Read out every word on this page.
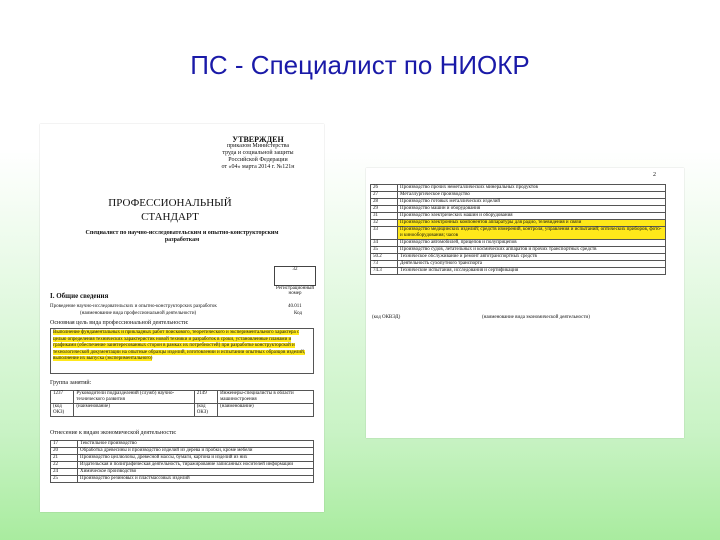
ПС - Специалист по НИОКР
УТВЕРЖДЕН
приказом Министерства
труда и социальной защиты
Российской Федерации
от «04» марта 2014 г. №121н
ПРОФЕССИОНАЛЬНЫЙ
СТАНДАРТ
Специалист по научно-исследовательским и опытно-конструкторским
разработкам
32
Регистрационный номер
I. Общие сведения
Проведение научно-исследовательских и опытно-конструкторских разработок	40.011
(наименование вида профессиональной деятельности)	Код
Основная цель вида профессиональной деятельности:
Выполнение фундаментальных и прикладных работ поискового, теоретического и экспериментального характера с целью определения технических характеристик новой техники и разработок в сроки, установленные планами и графиками (обеспечение заинтересованных сторон в рамках их потребностей) при разработке конструкторской и технологической документации на опытные образцы изделий, изготовлении и испытании опытных образцов изделий, выполнение их выпуска (экспериментального)
Группа занятий:
1237	Руководители подразделений (служб) научно-технического развития	2149	Инженеры-специалисты в области машиностроения
(код ОКЗ)	(наименование)	(код ОКЗ)	(наименование)
Отнесение к видам экономической деятельности:
17	Текстильное производство
20	Обработка древесины и производство изделий из дерева и пробки, кроме мебели
21	Производство целлюлозы, древесной массы, бумаги, картона и изделий из них
22	Издательская и полиграфическая деятельность, тиражирование записанных носителей информации
24	Химическое производство
25	Производство резиновых и пластмассовых изделий
2
26	Производство прочих неметаллических минеральных продуктов
27	Металлургическое производство
28	Производство готовых металлических изделий
29	Производство машин и оборудования
31	Производство электрических машин и оборудования
32	Производство электронных компонентов аппаратуры для радио, телевидения и связи
33	Производство медицинских изделий; средств измерений, контроля, управления и испытаний; оптических приборов, фото- и кинооборудования; часов
34	Производство автомобилей, прицепов и полуприцепов
35	Производство судов, летательных и космических аппаратов и прочих транспортных средств
50.2	Техническое обслуживание и ремонт автотранспортных средств
73	Деятельность сухопутного транспорта
74.3	Технические испытания, исследования и сертификация
(код ОКВЭД)	(наименование вида экономической деятельности)
